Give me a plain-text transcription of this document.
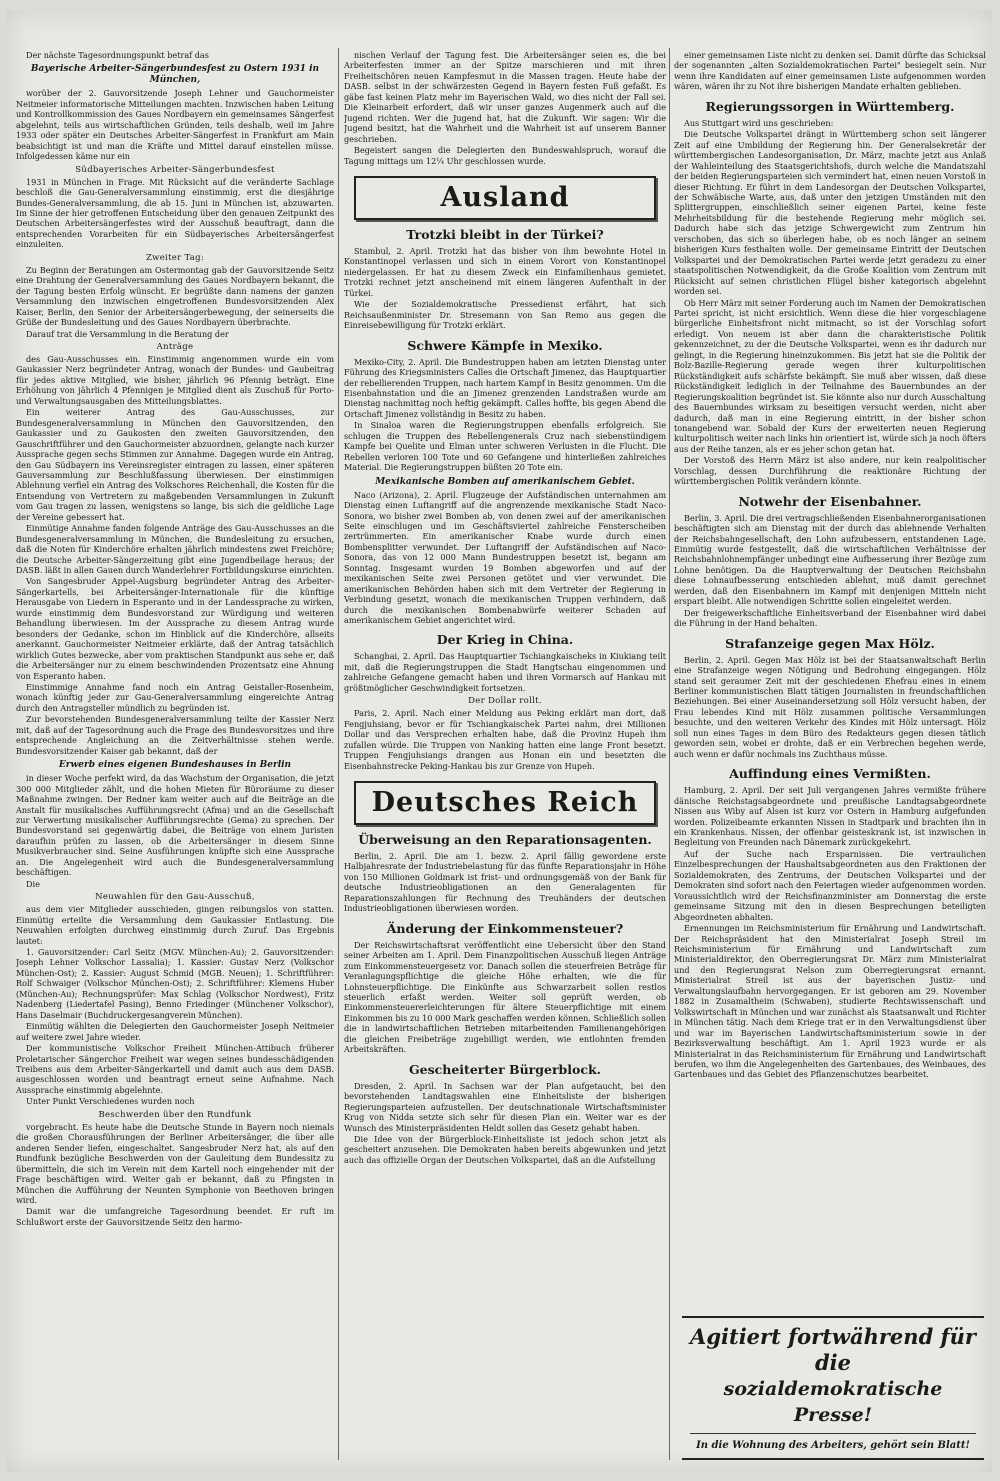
Der nächste Tagesordnungspunkt betraf das
Bayerische Arbeiter-Sängerbundesfest zu Ostern 1931 in München,
worüber der 2. Gauvorsitzende Joseph Lehner und Gauchormeister Neitmeier informatorische Mitteilungen machten. Inzwischen haben Leitung und Kontrollkommission des Gaues Nordbayern ein gemeinsames Sängerfest abgelehnt, teils aus wirtschaftlichen Gründen, teils deshalb, weil im Jahre 1933 oder später ein Deutsches Arbeiter-Sängerfest in Frankfurt am Main beabsichtigt ist und man die Kräfte und Mittel darauf einstellen müsse. Infolgedessen käme nur ein
Südbayerisches Arbeiter-Sängerbundesfest
1931 in München in Frage. Mit Rücksicht auf die veränderte Sachlage beschloß die Gau-Generalversammlung einstimmig, erst die diesjährige Bundes-Generalversammlung, die ab 15. Juni in München ist, abzuwarten. Im Sinne der hier getroffenen Entscheidung über den genauen Zeitpunkt des Deutschen Arbeitersängerfestes wird der Ausschuß beauftragt, dann die entsprechenden Vorarbeiten für ein Südbayerisches Arbeitersängerfest einzuleiten.
Zweiter Tag:
Zu Beginn der Beratungen am Ostermontag gab der Gauvorsitzende Seitz eine Drahtung der Generalversammlung des Gaues Nordbayern bekannt, die der Tagung besten Erfolg wünscht. Er begrüßte dann namens der ganzen Versammlung den inzwischen eingetroffenen Bundesvorsitzenden Alex Kaiser, Berlin, den Senior der Arbeitersängerbewegung, der seinerseits die Grüße der Bundesleitung und des Gaues Nordbayern überbrachte.
Darauf trat die Versammlung in die Beratung der
Anträge
des Gau-Ausschusses ein. Einstimmig angenommen wurde ein vom Gaukassier Nerz begründeter Antrag, wonach der Bundes- und Gaubeitrag für jedes aktive Mitglied, wie bisher, jährlich 96 Pfennig beträgt. Eine Erhöhung von jährlich 4 Pfennigen je Mitglied dient als Zuschuß für Porto- und Verwaltungsausgaben des Mitteilungsblattes.
Ein weiterer Antrag des Gau-Ausschusses, zur Bundesgeneralversammlung in München den Gauvorsitzenden, den Gaukassier und zu Gaukosten den zweiten Gauvorsitzenden, den Gauschriftführer und den Gauchormeister abzuordnen, gelangte nach kurzer Aussprache gegen sechs Stimmen zur Annahme. Dagegen wurde ein Antrag, den Gau Südbayern ins Vereinsregister eintragen zu lassen, einer späteren Gauversammlung zur Beschlußfassung überwiesen. Der einstimmigen Ablehnung verfiel ein Antrag des Volkschores Reichenhall, die Kosten für die Entsendung von Vertretern zu maßgebenden Versammlungen in Zukunft vom Gau tragen zu lassen, wenigstens so lange, bis sich die geldliche Lage der Vereine gebessert hat.
Einmütige Annahme fanden folgende Anträge des Gau-Ausschusses an die Bundesgeneralversammlung in München, die Bundesleitung zu ersuchen, daß die Noten für Kinderchöre erhalten jährlich mindestens zwei Freichöre; die Deutsche Arbeiter-Sängerzeitung gibt eine Jugendbeilage heraus; der DASB. läßt in allen Gauen durch Wanderlehrer Fortbildungskurse einrichten.
Von Sangesbruder Appel-Augsburg begründeter Antrag des Arbeiter-Sängerkartells, bei Arbeitersänger-Internationale für die künftige Herausgabe von Liedern in Esperanto und in der Landessprache zu wirken, wurde einstimmig dem Bundesvorstand zur Würdigung und weiteren Behandlung überwiesen. Im der Aussprache zu diesem Antrag wurde besonders der Gedanke, schon im Hinblick auf die Kinderchöre, allseits anerkannt. Gauchormeister Neitmeier erklärte, daß der Antrag tatsächlich wirklich Gutes bezwecke, aber vom praktischen Standpunkt aus sehe er, daß die Arbeitersänger nur zu einem beschwindenden Prozentsatz eine Ahnung von Esperanto haben.
Einstimmige Annahme fand noch ein Antrag Geistaller-Rosenheim, wonach künftig jeder zur Gau-Generalversammlung eingereichte Antrag durch den Antragsteller mündlich zu begründen ist.
Zur bevorstehenden Bundesgeneralversammlung teilte der Kassier Nerz mit, daß auf der Tagesordnung auch die Frage des Bundesvorsitzes und ihre entsprechende Angleichung an die Zeitverhältnisse stehen werde. Bundesvorsitzender Kaiser gab bekannt, daß der
Erwerb eines eigenen Bundeshauses in Berlin
in dieser Woche perfekt wird, da das Wachstum der Organisation, die jetzt 300 000 Mitglieder zählt, und die hohen Mieten für Büroräume zu dieser Maßnahme zwingen. Der Redner kam weiter auch auf die Beiträge an die Anstalt für musikalisches Aufführungsrecht (Afma) und an die Gesellschaft zur Verwertung musikalischer Aufführungsrechte (Gema) zu sprechen. Der Bundesvorstand sei gegenwärtig dabei, die Beiträge von einem Juristen daraufhin prüfen zu lassen, ob die Arbeitersänger in diesem Sinne Musikverbraucher sind. Seine Ausführungen knüpfte sich eine Aussprache an. Die Angelegenheit wird auch die Bundesgeneralversammlung beschäftigen.
Die
Neuwahlen für den Gau-Ausschuß,
aus dem vier Mitglieder ausschieden, gingen reibungslos von statten. Einmütig erteilte die Versammlung dem Gaukassier Entlastung. Die Neuwahlen erfolgten durchweg einstimmig durch Zuruf. Das Ergebnis lautet:
1. Gauvorsitzender: Carl Seitz (MGV. München-Au); 2. Gauvorsitzender: Joseph Lehner Volkschor Lassalia); 1. Kassier: Gustav Nerz (Volkschor München-Ost); 2. Kassier: August Schmid (MGB. Neuen); 1. Schriftführer: Rolf Schwaiger (Volkschor München-Ost); 2. Schriftführer: Klemens Huber (München-Au); Rechnungsprüfer: Max Schlag (Volkschor Nordwest), Fritz Nadenberg (Liedertafel Pasing), Benno Friedinger (Münchener Volkschor), Hans Daselmair (Buchdruckergesangverein München).
Einmütig wählten die Delegierten den Gauchormeister Joseph Neitmeier auf weitere zwei Jahre wieder.
Der kommunistische Volkschor Freiheit München-Attibuch früherer Proletarischer Sängerchor Freiheit war wegen seines bundesschädigenden Treibens aus dem Arbeiter-Sängerkartell und damit auch aus dem DASB. ausgeschlossen worden und beantragt erneut seine Aufnahme. Nach Aussprache einstimmig abgelehnte.
Unter Punkt Verschiedenes wurden noch
Beschwerden über den Rundfunk
vorgebracht. Es heute habe die Deutsche Stunde in Bayern noch niemals die großen Chorausführungen der Berliner Arbeitersänger, die über alle anderen Sender liefen, eingeschaltet. Sangesbruder Nerz hat, als auf den Rundfunk bezügliche Beschwerden von der Gauleitung dem Bundessitz zu übermitteln, die sich im Verein mit dem Kartell noch eingehender mit der Frage beschäftigen wird. Weiter gab er bekannt, daß zu Pfingsten in München die Aufführung der Neunten Symphonie von Beethoven bringen wird.
Damit war die umfangreiche Tagesordnung beendet. Er ruft im Schlußwort erste der Gauvorsitzende Seitz den harmo-
nischen Verlauf der Tagung fest. Die Arbeitersänger seien es, die bei Arbeiterfesten immer an der Spitze marschieren und mit ihren Freiheitschören neuen Kampfesmut in die Massen tragen. Heute habe der DASB. selbst in der schwärzesten Gegend in Bayern festen Fuß gefaßt. Es gäbe fast keinen Platz mehr im Bayerischen Wald, wo dies nicht der Fall sei. Die Kleinarbeit erfordert, daß wir unser ganzes Augenmerk auch auf die Jugend richten. Wer die Jugend hat, hat die Zukunft. Wir sagen: Wir die Jugend besitzt, hat die Wahrheit und die Wahrheit ist auf unserem Banner geschrieben.
Begeistert sangen die Delegierten den Bundeswahlspruch, worauf die Tagung mittags um 12¼ Uhr geschlossen wurde.
Ausland
Trotzki bleibt in der Türkei?
Stambul, 2. April. Trotzki hat das bisher von ihm bewohnte Hotel in Konstantinopel verlassen und sich in einem Vorort von Konstantinopel niedergelassen. Er hat zu diesem Zweck ein Einfamilienhaus gemietet. Trotzki rechnet jetzt anscheinend mit einem längeren Aufenthalt in der Türkei.
Wie der Sozialdemokratische Pressedienst erfährt, hat sich Reichsaußenminister Dr. Stresemann von San Remo aus gegen die Einreisebewilligung für Trotzki erklärt.
Schwere Kämpfe in Mexiko.
Mexiko-City, 2. April. Die Bundestruppen haben am letzten Dienstag unter Führung des Kriegsministers Calles die Ortschaft Jimenez, das Hauptquartier der rebellierenden Truppen, nach hartem Kampf in Besitz genommen. Um die Eisenbahnstation und die an Jimenez grenzenden Landstraßen wurde am Dienstag nachmittag noch heftig gekämpft. Calles hoffte, bis gegen Abend die Ortschaft Jimenez vollständig in Besitz zu haben.
In Sinaloa waren die Regierungstruppen ebenfalls erfolgreich. Sie schlugen die Truppen des Rebellengenerals Cruz nach siebenstündigem Kampfe bei Quelite und Elman unter schweren Verlusten in die Flucht. Die Rebellen verloren 100 Tote und 60 Gefangene und hinterließen zahlreiches Material. Die Regierungstruppen büßten 20 Tote ein.
Mexikanische Bomben auf amerikanischem Gebiet.
Naco (Arizona), 2. April. Flugzeuge der Aufständischen unternahmen am Dienstag einen Luftangriff auf die angrenzende mexikanische Stadt Naco-Sonora, wo bisher zwei Bomben ab, von denen zwei auf der amerikanischen Seite einschlugen und im Geschäftsviertel zahlreiche Fensterscheiben zertrümmerten. Ein amerikanischer Knabe wurde durch einen Bombensplitter verwundet. Der Luftangriff der Aufständischen auf Naco-Sonora, das von 12 000 Mann Bundestruppen besetzt ist, begann am Sonntag. Insgesamt wurden 19 Bomben abgeworfen und auf der mexikanischen Seite zwei Personen getötet und vier verwundet. Die amerikanischen Behörden haben sich mit dem Vertreter der Regierung in Verbindung gesetzt, wonach die mexikanischen Truppen verhindern, daß durch die mexikanischen Bombenabwürfe weiterer Schaden auf amerikanischem Gebiet angerichtet wird.
Der Krieg in China.
Schanghai, 2. April. Das Hauptquartier Tschiangkaischeks in Kiukiang teilt mit, daß die Regierungstruppen die Stadt Hangtschau eingenommen und zahlreiche Gefangene gemacht haben und ihren Vormarsch auf Hankau mit größtmöglicher Geschwindigkeit fortsetzen.
Der Dollar rollt.
Paris, 2. April. Nach einer Meldung aus Peking erklärt man dort, daß Fengjuhsiang, bevor er für Tschiangkaischek Partei nahm, drei Millionen Dollar und das Versprechen erhalten habe, daß die Provinz Hupeh ihm zufallen würde. Die Truppen von Nanking hatten eine lange Front besetzt. Truppen Fengjuhsiangs drangen aus Honan ein und besetzten die Eisenbahnstrecke Peking-Hankau bis zur Grenze von Hupeh.
Deutsches Reich
Überweisung an den Reparationsagenten.
Berlin, 2. April. Die am 1. bezw. 2. April fällig gewordene erste Halbjahresrate der Industriebelastung für das fünfte Reparationsjahr in Höhe von 150 Millionen Goldmark ist frist- und ordnungsgemäß von der Bank für deutsche Industrieobligationen an den Generalagenten für Reparationszahlungen für Rechnung des Treuhänders der deutschen Industrieobligationen überwiesen worden.
Änderung der Einkommensteuer?
Der Reichswirtschaftsrat veröffentlicht eine Uebersicht über den Stand seiner Arbeiten am 1. April. Dem Finanzpolitischen Ausschuß liegen Anträge zum Einkommensteuergesetz vor. Danach sollen die steuerfreien Beträge für Veranlagungspflichtige die gleiche Höhe erhalten, wie die für Lohnsteuerpflichtige. Die Einkünfte aus Schwarzarbeit sollen restlos steuerlich erfaßt werden. Weiter soll geprüft werden, ob Einkommensteuererleichterungen für ältere Steuerpflichtige mit einem Einkommen bis zu 10 000 Mark geschaffen werden können. Schließlich sollen die in landwirtschaftlichen Betrieben mitarbeitenden Familienangehörigen die gleichen Freibeträge zugebilligt werden, wie entlohnten fremden Arbeitskräften.
Gescheiterter Bürgerblock.
Dresden, 2. April. In Sachsen war der Plan aufgetaucht, bei den bevorstehenden Landtagswahlen eine Einheitsliste der bisherigen Regierungsparteien aufzustellen. Der deutschnationale Wirtschaftsminister Krug von Nidda setzte sich sehr für diesen Plan ein. Weiter war es der Wunsch des Ministerpräsidenten Heldt sollen das Gesetz gehabt haben.
Die Idee von der Bürgerblock-Einheitsliste ist jedoch schon jetzt als gescheitert anzusehen. Die Demokraten haben bereits abgewunken und jetzt auch das offizielle Organ der Deutschen Volkspartei, daß an die Aufstellung
einer gemeinsamen Liste nicht zu denken sei. Damit dürfte das Schicksal der sogenannten „alten Sozialdemokratischen Partei" besiegelt sein. Nur wenn ihre Kandidaten auf einer gemeinsamen Liste aufgenommen worden wären, wären ihr zu Not ihre bisherigen Mandate erhalten geblieben.
Regierungssorgen in Württemberg.
Aus Stuttgart wird uns geschrieben:
Die Deutsche Volkspartei drängt in Württemberg schon seit längerer Zeit auf eine Umbildung der Regierung hin. Der Generalsekretär der württembergischen Landesorganisation, Dr. März, machte jetzt aus Anlaß der Wahleinteilung des Staatsgerichtshofs, durch welche die Mandatszahl der beiden Regierungsparteien sich vermindert hat, einen neuen Vorstoß in dieser Richtung. Er führt in dem Landesorgan der Deutschen Volkspartei, der Schwäbische Warte, aus, daß unter den jetzigen Umständen mit den Splittergruppen, einschließlich seiner eigenen Partei, keine feste Mehrheitsbildung für die bestehende Regierung mehr möglich sei. Dadurch habe sich das jetzige Schwergewicht zum Zentrum hin verschoben, das sich so überlegen habe, ob es noch länger an seinem bisherigen Kurs festhalten wolle. Der gemeinsame Eintritt der Deutschen Volkspartei und der Demokratischen Partei werde jetzt geradezu zu einer staatspolitischen Notwendigkeit, da die Große Koalition vom Zentrum mit Rücksicht auf seinen christlichen Flügel bisher kategorisch abgelehnt worden sei.
Ob Herr März mit seiner Forderung auch im Namen der Demokratischen Partei spricht, ist nicht ersichtlich. Wenn diese die hier vorgeschlagene bürgerliche Einheitsfront nicht mitmacht, so ist der Vorschlag sofort erledigt. Von neuem ist aber dann die charakteristische Politik gekennzeichnet, zu der die Deutsche Volkspartei, wenn es ihr dadurch nur gelingt, in die Regierung hineinzukommen. Bis jetzt hat sie die Politik der Bolz-Bazille-Regierung gerade wegen ihrer kulturpolitischen Rückständigkeit aufs schärfste bekämpft. Sie muß aber wissen, daß diese Rückständigkeit lediglich in der Teilnahme des Bauernbundes an der Regierungskoalition begründet ist. Sie könnte also nur durch Ausschaltung des Bauernbundes wirksam zu beseitigen versucht werden, nicht aber dadurch, daß man in eine Regierung eintritt, in der bisher schon tonangebend war. Sobald der Kurs der erweiterten neuen Regierung kulturpolitisch weiter nach links hin orientiert ist, würde sich ja noch öfters aus der Reihe tanzen, als er es jeher schon getan hat.
Der Vorstoß des Herrn März ist also andere, nur kein realpolitischer Vorschlag, dessen Durchführung die reaktionäre Richtung der württembergischen Politik verändern könnte.
Notwehr der Eisenbahner.
Berlin, 3. April. Die drei vertragschließenden Eisenbahnerorganisationen beschäftigten sich am Dienstag mit der durch das ablehnende Verhalten der Reichsbahngesellschaft, den Lohn aufzubessern, entstandenen Lage. Einmütig wurde festgestellt, daß die wirtschaftlichen Verhältnisse der Reichsbahnlohnempfänger unbedingt eine Aufbesserung ihrer Bezüge zum Lohne benötigen. Da die Hauptverwaltung der Deutschen Reichsbahn diese Lohnaufbesserung entschieden ablehnt, muß damit gerechnet werden, daß den Eisenbahnern im Kampf mit denjenigen Mitteln nicht erspart bleibt. Alle notwendigen Schritte sollen eingeleitet werden.
Der freigewerkschaftliche Einheitsverband der Eisenbahner wird dabei die Führung in der Hand behalten.
Strafanzeige gegen Max Hölz.
Berlin, 2. April. Gegen Max Hölz ist bei der Staatsanwaltschaft Berlin eine Strafanzeige wegen Nötigung und Bedrohung eingegangen. Hölz stand seit geraumer Zeit mit der geschiedenen Ehefrau eines in einem Berliner kommunistischen Blatt tätigen Journalisten in freundschaftlichen Beziehungen. Bei einer Auseinandersetzung soll Hölz versucht haben, der Frau lebendes Kind mit Hölz zusammen politische Versammlungen besuchte, und den weiteren Verkehr des Kindes mit Hölz untersagt. Hölz soll nun eines Tages in dem Büro des Redakteurs gegen diesen tätlich geworden sein, wobei er drohte, daß er ein Verbrechen begehen werde, auch wenn er dafür nochmals ins Zuchthaus müsse.
Auffindung eines Vermißten.
Hamburg, 2. April. Der seit Juli vergangenen Jahres vermißte frühere dänische Reichstagsabgeordnete und preußische Landtagsabgeordnete Nissen aus Wiby auf Alsen ist kurz vor Ostern in Hamburg aufgefunden worden. Polizeibeamte erkannten Nissen in Stadtpark und brachten ihn in ein Krankenhaus. Nissen, der offenbar geisteskrank ist, ist inzwischen in Begleitung von Freunden nach Dänemark zurückgekehrt.
Auf der Suche nach Ersparnissen. Die vertraulichen Einzelbesprechungen der Haushaltsabgeordneten aus den Fraktionen der Sozialdemokraten, des Zentrums, der Deutschen Volkspartei und der Demokraten sind sofort nach den Feiertagen wieder aufgenommen worden. Voraussichtlich wird der Reichsfinanzminister am Donnerstag die erste gemeinsame Sitzung mit den in diesen Besprechungen beteiligten Abgeordneten abhalten.
Ernennungen im Reichsministerium für Ernährung und Landwirtschaft. Der Reichspräsident hat den Ministerialrat Joseph Streil im Reichsministerium für Ernährung und Landwirtschaft zum Ministerialdirektor, den Oberregierungsrat Dr. März zum Ministerialrat und den Regierungsrat Nelson zum Oberregierungsrat ernannt. Ministerialrat Streil ist aus der bayerischen Justiz- und Verwaltungslaufbahn hervorgegangen. Er ist geboren am 29. November 1882 in Zusamaltheim (Schwaben), studierte Rechtswissenschaft und Volkswirtschaft in München und war zunächst als Staatsanwalt und Richter in München tätig. Nach dem Kriege trat er in den Verwaltungsdienst über und war im Bayerischen Landwirtschaftsministerium sowie in der Bezirksverwaltung beschäftigt. Am 1. April 1923 wurde er als Ministerialrat in das Reichsministerium für Ernährung und Landwirtschaft berufen, wo ihm die Angelegenheiten des Gartenbaues, des Weinbaues, des Gartenbaues und das Gebiet des Pflanzenschutzes bearbeitet.
Agitiert fortwährend für die
sozialdemokratische Presse!
In die Wohnung des Arbeiters, gehört sein Blatt!
